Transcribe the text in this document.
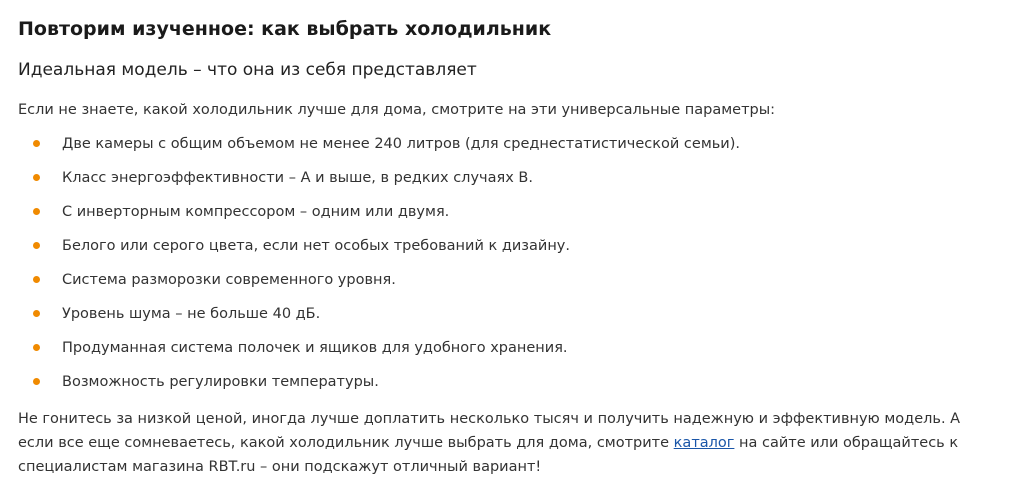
Повторим изученное: как выбрать холодильник
Идеальная модель – что она из себя представляет

Если не знаете, какой холодильник лучше для дома, смотрите на эти универсальные параметры:

Две камеры с общим объемом не менее 240 литров (для среднестатистической семьи).
Класс энергоэффективности – А и выше, в редких случаях В.
С инверторным компрессором – одним или двумя.
Белого или серого цвета, если нет особых требований к дизайну.
Система разморозки современного уровня.
Уровень шума – не больше 40 дБ.
Продуманная система полочек и ящиков для удобного хранения.
Возможность регулировки температуры.

Не гонитесь за низкой ценой, иногда лучше доплатить несколько тысяч и получить надежную и эффективную модель. А если все еще сомневаетесь, какой холодильник лучше выбрать для дома, смотрите каталог на сайте или обращайтесь к специалистам магазина RBT.ru – они подскажут отличный вариант!
